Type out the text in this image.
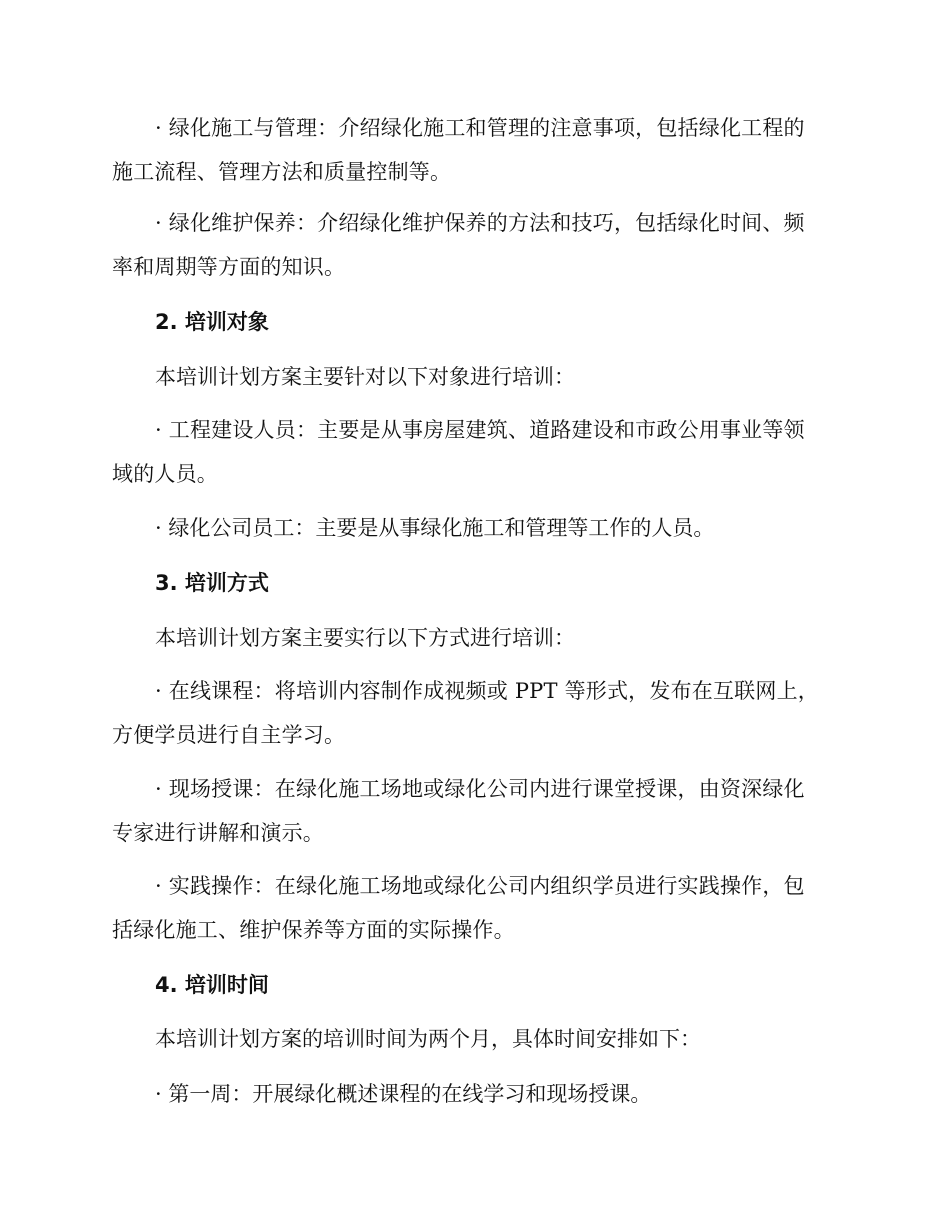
· 绿化施工与管理：介绍绿化施工和管理的注意事项，包括绿化工程的施工流程、管理方法和质量控制等。
· 绿化维护保养：介绍绿化维护保养的方法和技巧，包括绿化时间、频率和周期等方面的知识。
2. 培训对象
本培训计划方案主要针对以下对象进行培训：
· 工程建设人员：主要是从事房屋建筑、道路建设和市政公用事业等领域的人员。
· 绿化公司员工：主要是从事绿化施工和管理等工作的人员。
3. 培训方式
本培训计划方案主要实行以下方式进行培训：
· 在线课程：将培训内容制作成视频或 PPT 等形式，发布在互联网上，方便学员进行自主学习。
· 现场授课：在绿化施工场地或绿化公司内进行课堂授课，由资深绿化专家进行讲解和演示。
· 实践操作：在绿化施工场地或绿化公司内组织学员进行实践操作，包括绿化施工、维护保养等方面的实际操作。
4. 培训时间
本培训计划方案的培训时间为两个月，具体时间安排如下：
· 第一周：开展绿化概述课程的在线学习和现场授课。
